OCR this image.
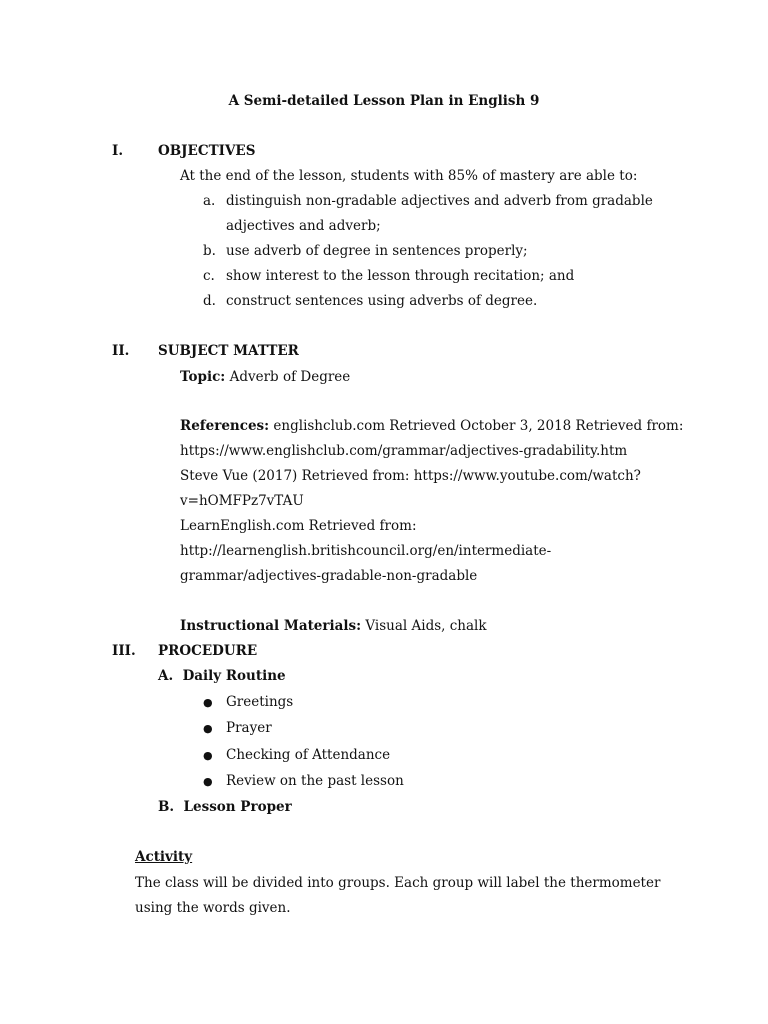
A Semi-detailed Lesson Plan in English 9
I.	OBJECTIVES
At the end of the lesson, students with 85% of mastery are able to:
a. distinguish non-gradable adjectives and adverb from gradable
adjectives and adverb;
b. use adverb of degree in sentences properly;
c. show interest to the lesson through recitation; and
d. construct sentences using adverbs of degree.
II. SUBJECT MATTER
Topic: Adverb of Degree
References: englishclub.com Retrieved October 3, 2018 Retrieved from:
https://www.englishclub.com/grammar/adjectives-gradability.htm
Steve Vue (2017) Retrieved from: https://www.youtube.com/watch?
v=hOMFPz7vTAU
LearnEnglish.com Retrieved from:
http://learnenglish.britishcouncil.org/en/intermediate-
grammar/adjectives-gradable-non-gradable
Instructional Materials: Visual Aids, chalk
III. PROCEDURE
A.  Daily Routine
● Greetings
● Prayer
● Checking of Attendance
● Review on the past lesson
B.  Lesson Proper
Activity
The class will be divided into groups. Each group will label the thermometer
using the words given.
